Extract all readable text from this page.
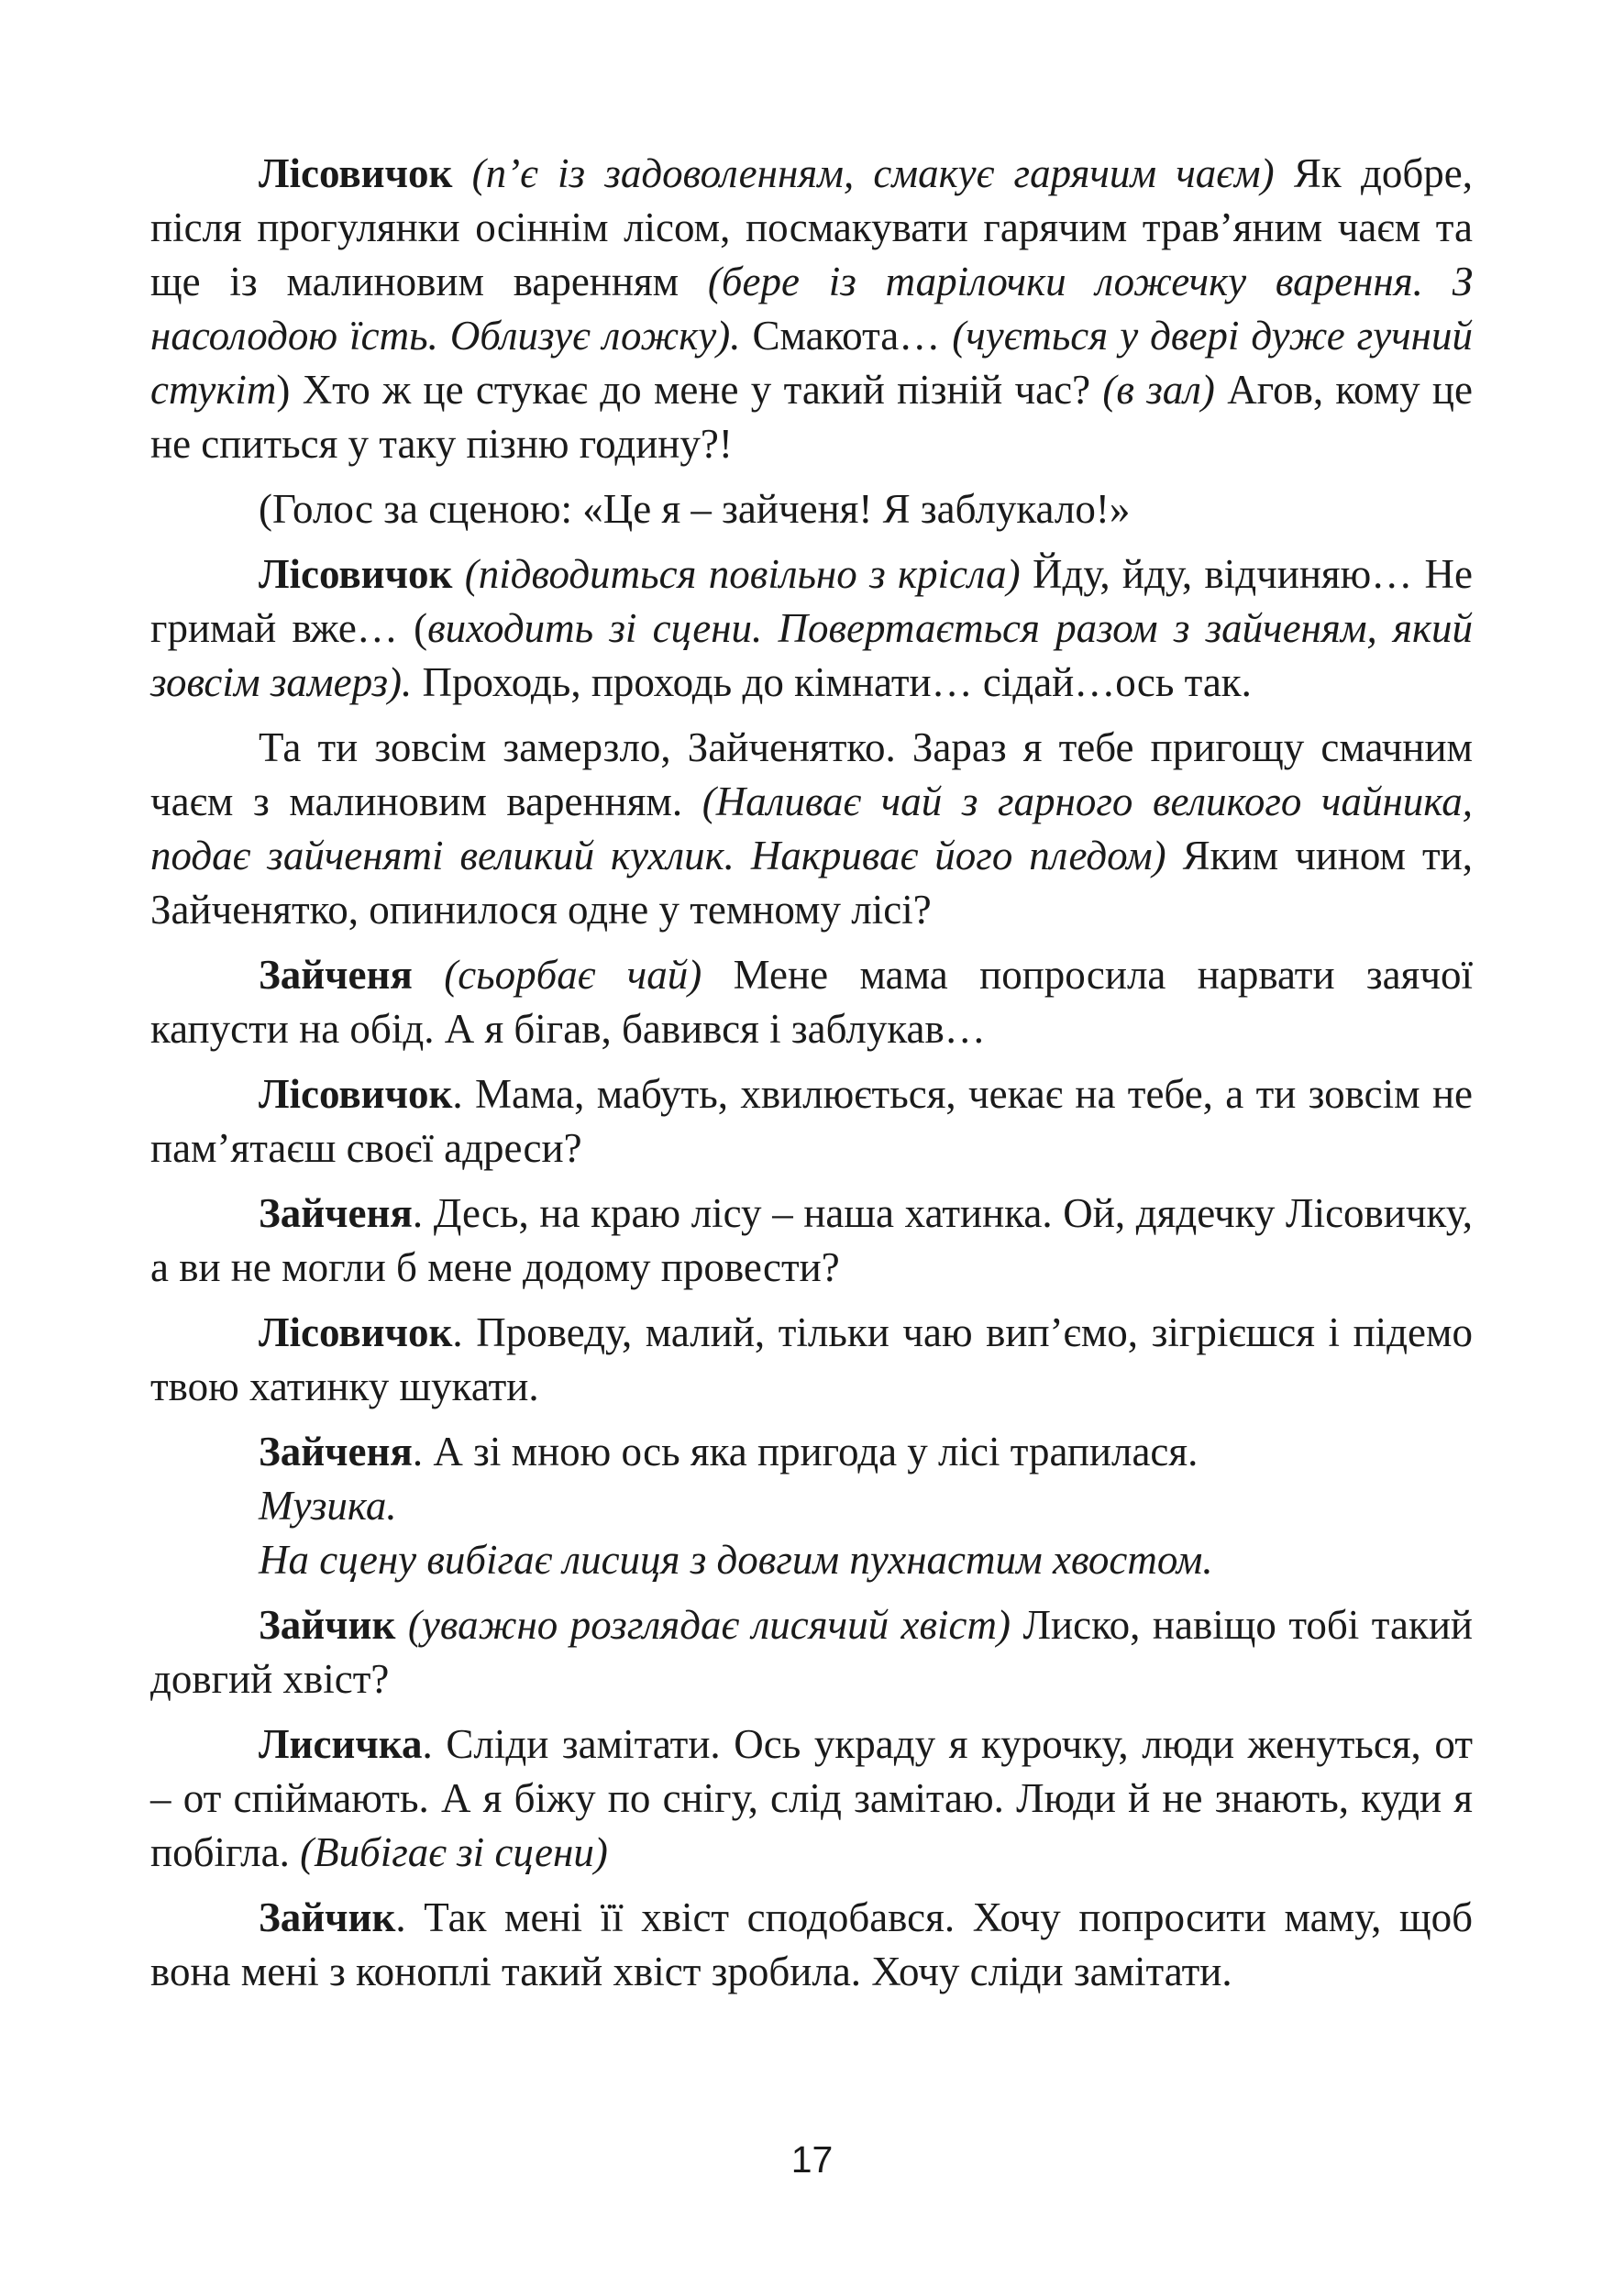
Лісовичок (п’є із задоволенням, смакує гарячим чаєм) Як добре, після прогулянки осіннім лісом, посмакувати гарячим трав’яним чаєм та ще із малиновим варенням (бере із тарілочки ложечку варення. З насолодою їсть. Облизує ложку). Смакота… (чується у двері дуже гучний стукіт) Хто ж це стукає до мене у такий пізній час? (в зал) Агов, кому це не спиться у таку пізню годину?!

(Голос за сценою: «Це я – зайченя! Я заблукало!»

Лісовичок (підводиться повільно з крісла) Йду, йду, відчиняю… Не гримай вже… (виходить зі сцени. Повертається разом з зайченям, який зовсім замерз). Проходь, проходь до кімнати… сідай…ось так.

Та ти зовсім замерзло, Зайченятко. Зараз я тебе пригощу смачним чаєм з малиновим варенням. (Наливає чай з гарного великого чайника, подає зайченяті великий кухлик. Накриває його пледом) Яким чином ти, Зайченятко, опинилося одне у темному лісі?

Зайченя (сьорбає чай) Мене мама попросила нарвати заячої капусти на обід. А я бігав, бавився і заблукав…

Лісовичок. Мама, мабуть, хвилюється, чекає на тебе, а ти зовсім не пам’ятаєш своєї адреси?

Зайченя. Десь, на краю лісу – наша хатинка. Ой, дядечку Лісовичку, а ви не могли б мене додому провести?

Лісовичок. Проведу, малий, тільки чаю вип’ємо, зігрієшся і підемо твою хатинку шукати.

Зайченя. А зі мною ось яка пригода у лісі трапилася.

Музика.

На сцену вибігає лисиця з довгим пухнастим хвостом.

Зайчик (уважно розглядає лисячий хвіст) Лиско, навіщо тобі такий довгий хвіст?

Лисичка. Сліди замітати. Ось украду я курочку, люди женуться, от – от спіймають. А я біжу по снігу, слід замітаю. Люди й не знають, куди я побігла. (Вибігає зі сцени)

Зайчик. Так мені її хвіст сподобався. Хочу попросити маму, щоб вона мені з коноплі такий хвіст зробила. Хочу сліди замітати.

17
